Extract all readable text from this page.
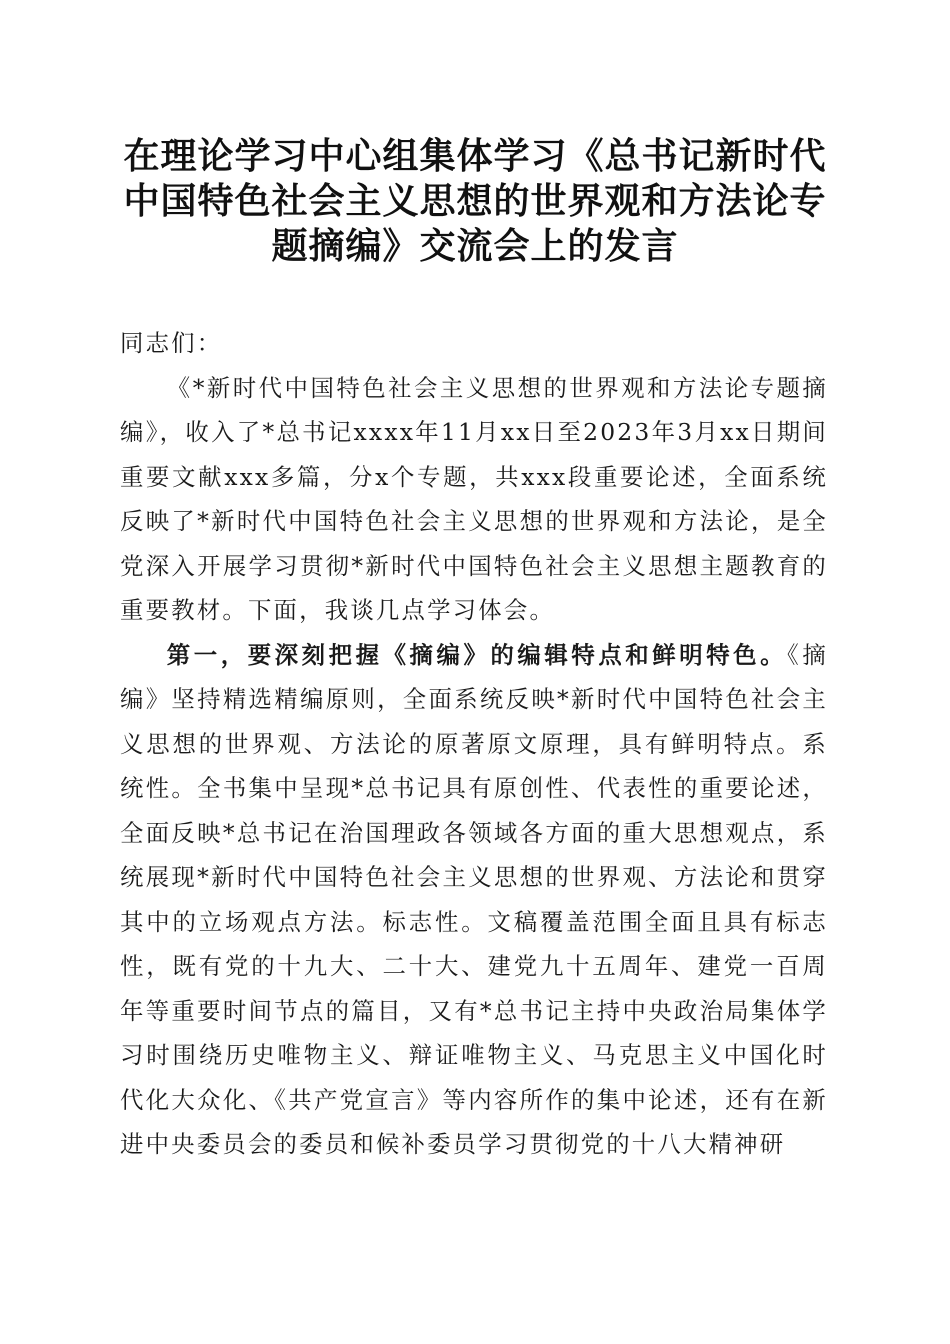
在理论学习中心组集体学习《总书记新时代中国特色社会主义思想的世界观和方法论专题摘编》交流会上的发言

同志们：

《*新时代中国特色社会主义思想的世界观和方法论专题摘编》，收入了*总书记xxxx年11月xx日至2023年3月xx日期间重要文献xxx多篇，分x个专题，共xxx段重要论述，全面系统反映了*新时代中国特色社会主义思想的世界观和方法论，是全党深入开展学习贯彻*新时代中国特色社会主义思想主题教育的重要教材。下面，我谈几点学习体会。

第一，要深刻把握《摘编》的编辑特点和鲜明特色。《摘编》坚持精选精编原则，全面系统反映*新时代中国特色社会主义思想的世界观、方法论的原著原文原理，具有鲜明特点。系统性。全书集中呈现*总书记具有原创性、代表性的重要论述，全面反映*总书记在治国理政各领域各方面的重大思想观点，系统展现*新时代中国特色社会主义思想的世界观、方法论和贯穿其中的立场观点方法。标志性。文稿覆盖范围全面且具有标志性，既有党的十九大、二十大、建党九十五周年、建党一百周年等重要时间节点的篇目，又有*总书记主持中央政治局集体学习时围绕历史唯物主义、辩证唯物主义、马克思主义中国化时代化大众化、《共产党宣言》等内容所作的集中论述，还有在新进中央委员会的委员和候补委员学习贯彻党的十八大精神研
